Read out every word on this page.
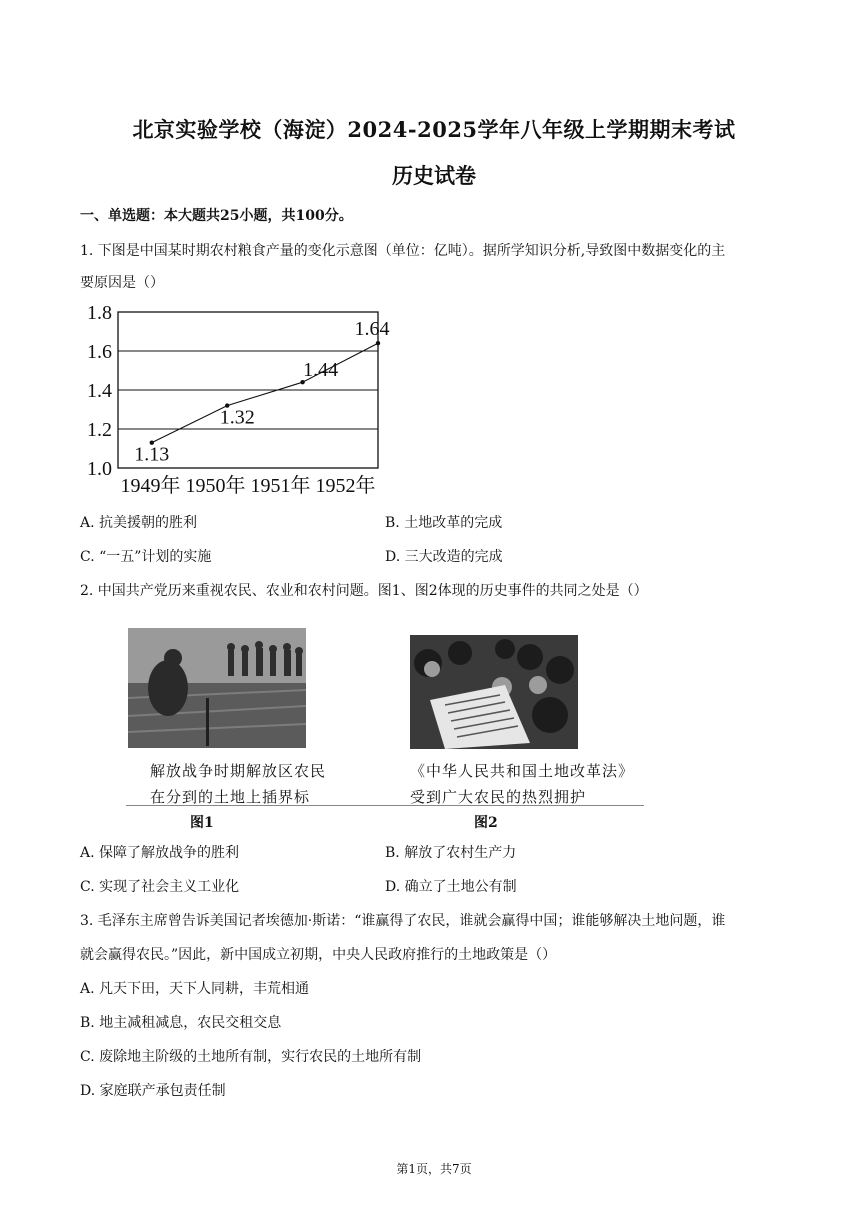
北京实验学校（海淀）2024-2025学年八年级上学期期末考试
历史试卷
一、单选题：本大题共25小题，共100分。
1. 下图是中国某时期农村粮食产量的变化示意图（单位：亿吨）。据所学知识分析,导致图中数据变化的主
要原因是（）
1.0
1.2
1.4
1.6
1.8
1949年 1950年 1951年 1952年
1.13
1.32
1.44
1.64
A. 抗美援朝的胜利	B. 土地改革的完成
C. “一五”计划的实施	D. 三大改造的完成
2. 中国共产党历来重视农民、农业和农村问题。图1、图2体现的历史事件的共同之处是（）
解放战争时期解放区农民
在分到的土地上插界标
《中华人民共和国土地改革法》
受到广大农民的热烈拥护
图1	图2
A. 保障了解放战争的胜利	B. 解放了农村生产力
C. 实现了社会主义工业化	D. 确立了土地公有制
3. 毛泽东主席曾告诉美国记者埃德加·斯诺：“谁赢得了农民，谁就会赢得中国；谁能够解决土地问题，谁
就会赢得农民。”因此，新中国成立初期，中央人民政府推行的土地政策是（）
A. 凡天下田，天下人同耕，丰荒相通
B. 地主减租减息，农民交租交息
C. 废除地主阶级的土地所有制，实行农民的土地所有制
D. 家庭联产承包责任制
第1页，共7页
